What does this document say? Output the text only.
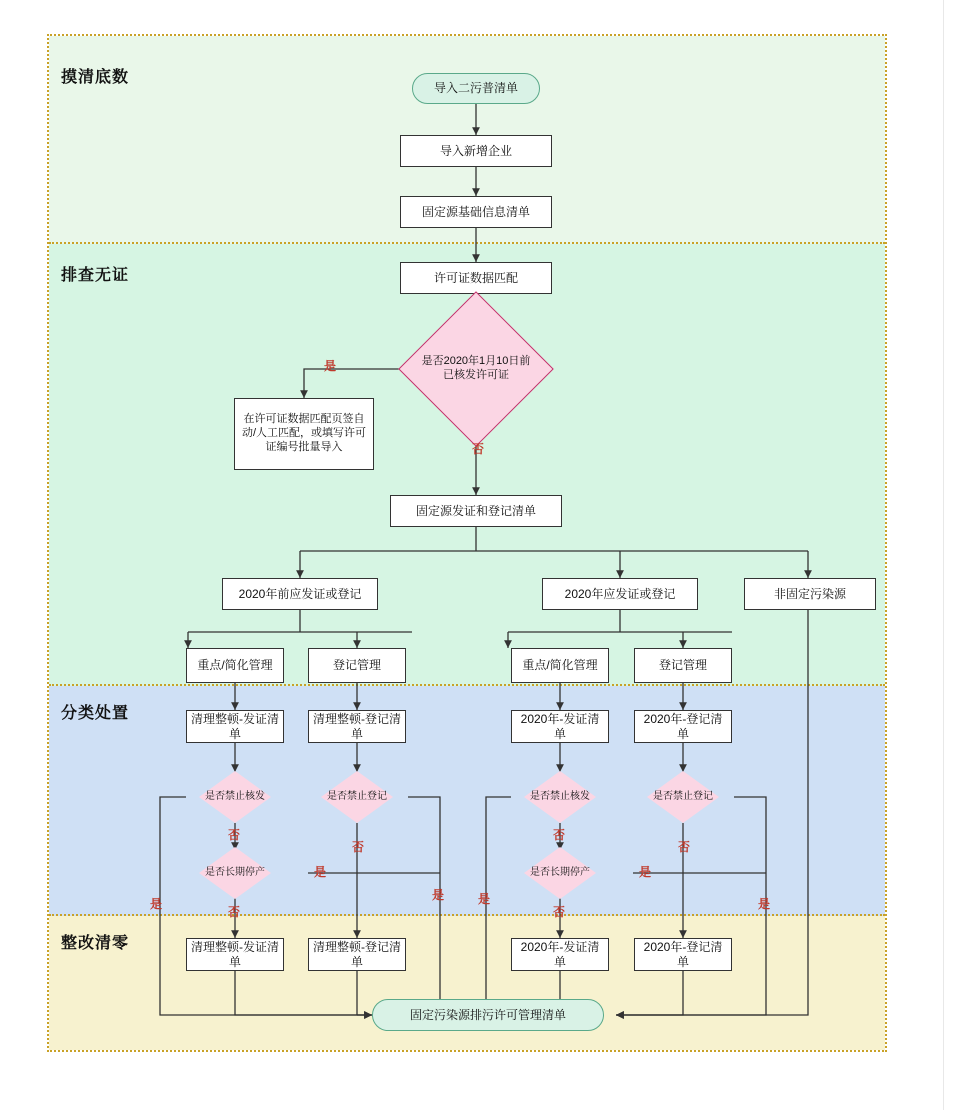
摸清底数
排查无证
分类处置
整改清零
导入二污普清单
导入新增企业
固定源基础信息清单
许可证数据匹配
是否2020年1月10日前已核发许可证
在许可证数据匹配页签自动/人工匹配，或填写许可证编号批量导入
固定源发证和登记清单
2020年前应发证或登记	2020年应发证或登记	非固定污染源
重点/简化管理	登记管理	重点/简化管理	登记管理
清理整顿-发证清单
清理整顿-登记清单
2020年-发证清单
2020年-登记清单
是否禁止核发	是否禁止登记	是否禁止核发	是否禁止登记
是否长期停产	是否长期停产
清理整顿-发证清单
清理整顿-登记清单
2020年-发证清单
2020年-登记清单
固定污染源排污许可管理清单
是
否
否
否
否
否
否	否
是
是	是	是
是	是
